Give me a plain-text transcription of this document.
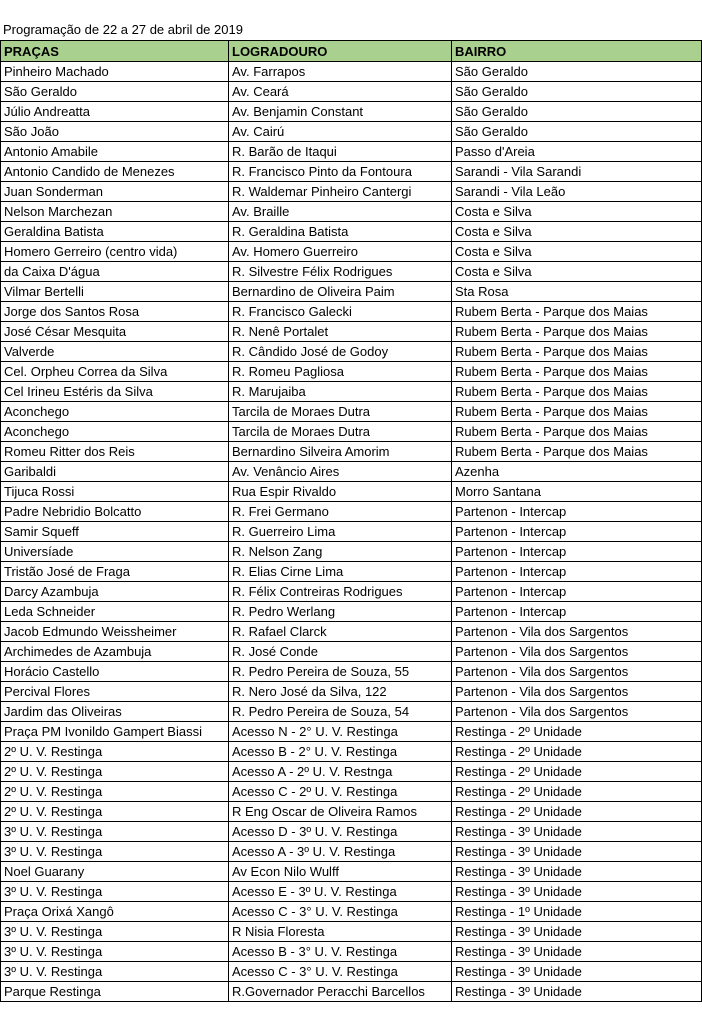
Programação de 22 a 27 de abril de 2019
PRAÇAS	LOGRADOURO	BAIRRO
Pinheiro Machado	Av. Farrapos	São Geraldo
São Geraldo	Av. Ceará	São Geraldo
Júlio Andreatta	Av. Benjamin Constant	São Geraldo
São João	Av. Cairú	São Geraldo
Antonio Amabile	R. Barão de Itaqui	Passo d'Areia
Antonio Candido de Menezes	R. Francisco Pinto da Fontoura	Sarandi - Vila Sarandi
Juan Sonderman	R. Waldemar Pinheiro Cantergi	Sarandi - Vila Leão
Nelson Marchezan	Av. Braille	Costa e Silva
Geraldina Batista	R. Geraldina Batista	Costa e Silva
Homero Gerreiro (centro vida)	Av. Homero Guerreiro	Costa e Silva
da Caixa D'água	R. Silvestre Félix Rodrigues	Costa e Silva
Vilmar Bertelli	Bernardino de Oliveira Paim	Sta Rosa
Jorge dos Santos Rosa	R. Francisco Galecki	Rubem Berta - Parque dos Maias
José César Mesquita	R. Nenê Portalet	Rubem Berta - Parque dos Maias
Valverde	R. Cândido José de Godoy	Rubem Berta - Parque dos Maias
Cel. Orpheu Correa da Silva	R. Romeu Pagliosa	Rubem Berta - Parque dos Maias
Cel Irineu Estéris da Silva	R. Marujaiba	Rubem Berta - Parque dos Maias
Aconchego	Tarcila de Moraes Dutra	Rubem Berta - Parque dos Maias
Aconchego	Tarcila de Moraes Dutra	Rubem Berta - Parque dos Maias
Romeu Ritter dos Reis	Bernardino Silveira Amorim	Rubem Berta - Parque dos Maias
Garibaldi	Av. Venâncio Aires	Azenha
Tijuca Rossi	Rua Espir Rivaldo	Morro Santana
Padre Nebridio Bolcatto	R. Frei Germano	Partenon - Intercap
Samir Squeff	R. Guerreiro Lima	Partenon - Intercap
Universíade	R. Nelson Zang	Partenon - Intercap
Tristão José de Fraga	R. Elias Cirne Lima	Partenon - Intercap
Darcy Azambuja	R. Félix Contreiras Rodrigues	Partenon - Intercap
Leda Schneider	R. Pedro Werlang	Partenon - Intercap
Jacob Edmundo Weissheimer	R. Rafael Clarck	Partenon - Vila dos Sargentos
Archimedes de Azambuja	R. José Conde	Partenon - Vila dos Sargentos
Horácio Castello	R. Pedro Pereira de Souza, 55	Partenon - Vila dos Sargentos
Percival Flores	R. Nero José da Silva, 122	Partenon - Vila dos Sargentos
Jardim das Oliveiras	R. Pedro Pereira de Souza, 54	Partenon - Vila dos Sargentos
Praça PM Ivonildo Gampert Biassi	Acesso N - 2° U. V. Restinga	Restinga - 2º Unidade
2º U. V. Restinga	Acesso B - 2° U. V. Restinga	Restinga - 2º Unidade
2º U. V. Restinga	Acesso A - 2º U. V. Restnga	Restinga - 2º Unidade
2º U. V. Restinga	Acesso C - 2º U. V. Restinga	Restinga - 2º Unidade
2º U. V. Restinga	R Eng Oscar de Oliveira Ramos	Restinga - 2º Unidade
3º U. V. Restinga	Acesso D - 3º U. V. Restinga	Restinga - 3º Unidade
3º U. V. Restinga	Acesso A - 3º U. V. Restinga	Restinga - 3º Unidade
Noel Guarany	Av Econ Nilo Wulff	Restinga - 3º Unidade
3º U. V. Restinga	Acesso E - 3º U. V. Restinga	Restinga - 3º Unidade
Praça Orixá Xangô	Acesso C - 3° U. V. Restinga	Restinga - 1º Unidade
3º U. V. Restinga	R Nisia Floresta	Restinga - 3º Unidade
3º U. V. Restinga	Acesso B - 3° U. V. Restinga	Restinga - 3º Unidade
3º U. V. Restinga	Acesso C - 3° U. V. Restinga	Restinga - 3º Unidade
Parque Restinga	R.Governador Peracchi Barcellos	Restinga - 3º Unidade
